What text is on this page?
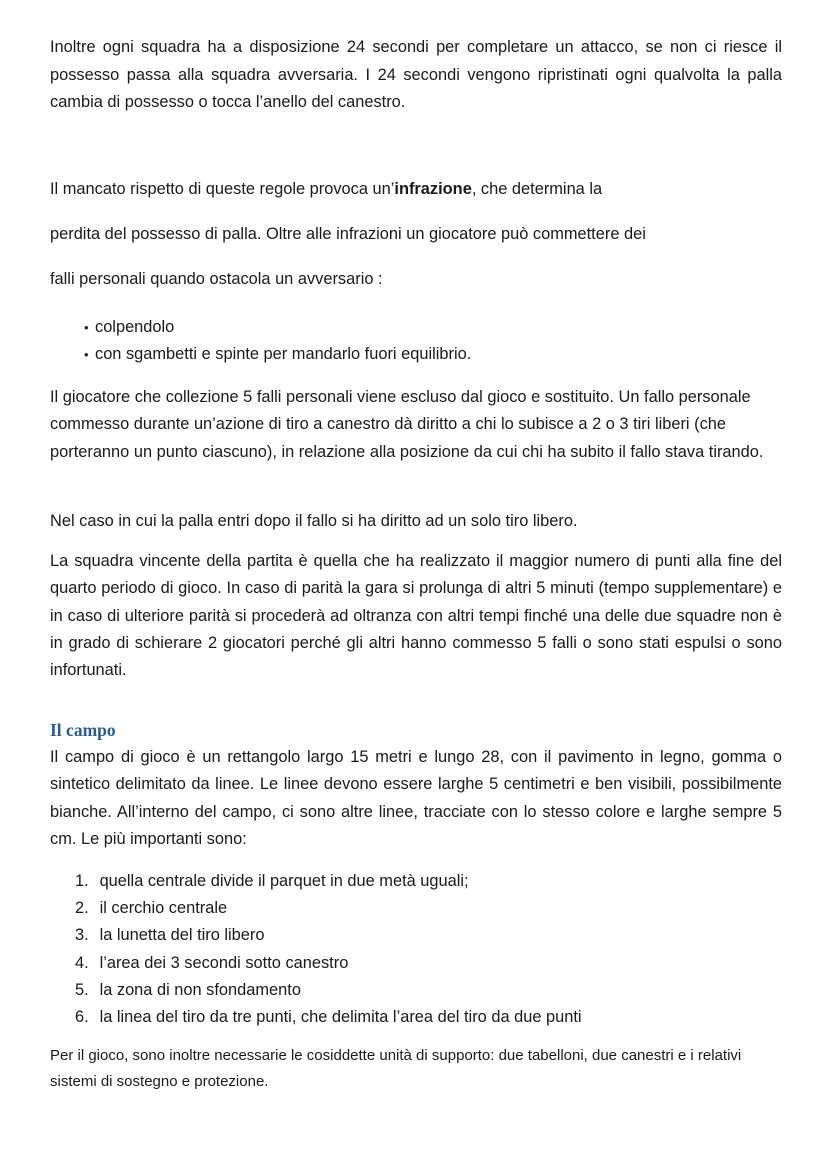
Inoltre ogni squadra ha a disposizione 24 secondi per completare un attacco, se non ci riesce il possesso passa alla squadra avversaria. I 24 secondi vengono ripristinati ogni qualvolta la palla cambia di possesso o tocca l’anello del canestro.

Il mancato rispetto di queste regole provoca un’infrazione, che determina la

perdita del possesso di palla. Oltre alle infrazioni un giocatore può commettere dei

falli personali quando ostacola un avversario :

• colpendolo
• con sgambetti e spinte per mandarlo fuori equilibrio.

Il giocatore che collezione 5 falli personali viene escluso dal gioco e sostituito. Un fallo personale commesso durante un’azione di tiro a canestro dà diritto a chi lo subisce a 2 o 3 tiri liberi (che porteranno un punto ciascuno), in relazione alla posizione da cui chi ha subito il fallo stava tirando.

Nel caso in cui la palla entri dopo il fallo si ha diritto ad un solo tiro libero.

La squadra vincente della partita è quella che ha realizzato il maggior numero di punti alla fine del quarto periodo di gioco. In caso di parità la gara si prolunga di altri 5 minuti (tempo supplementare) e in caso di ulteriore parità si procederà ad oltranza con altri tempi finché una delle due squadre non è in grado di schierare 2 giocatori perché gli altri hanno commesso 5 falli o sono stati espulsi o sono infortunati.

Il campo

Il campo di gioco è un rettangolo largo 15 metri e lungo 28, con il pavimento in legno, gomma o sintetico delimitato da linee. Le linee devono essere larghe 5 centimetri e ben visibili, possibilmente bianche. All’interno del campo, ci sono altre linee, tracciate con lo stesso colore e larghe sempre 5 cm. Le più importanti sono:

1. quella centrale divide il parquet in due metà uguali;
2. il cerchio centrale
3. la lunetta del tiro libero
4. l’area dei 3 secondi sotto canestro
5. la zona di non sfondamento
6. la linea del tiro da tre punti, che delimita l’area del tiro da due punti

Per il gioco, sono inoltre necessarie le cosiddette unità di supporto: due tabelloni, due canestri e i relativi sistemi di sostegno e protezione.
